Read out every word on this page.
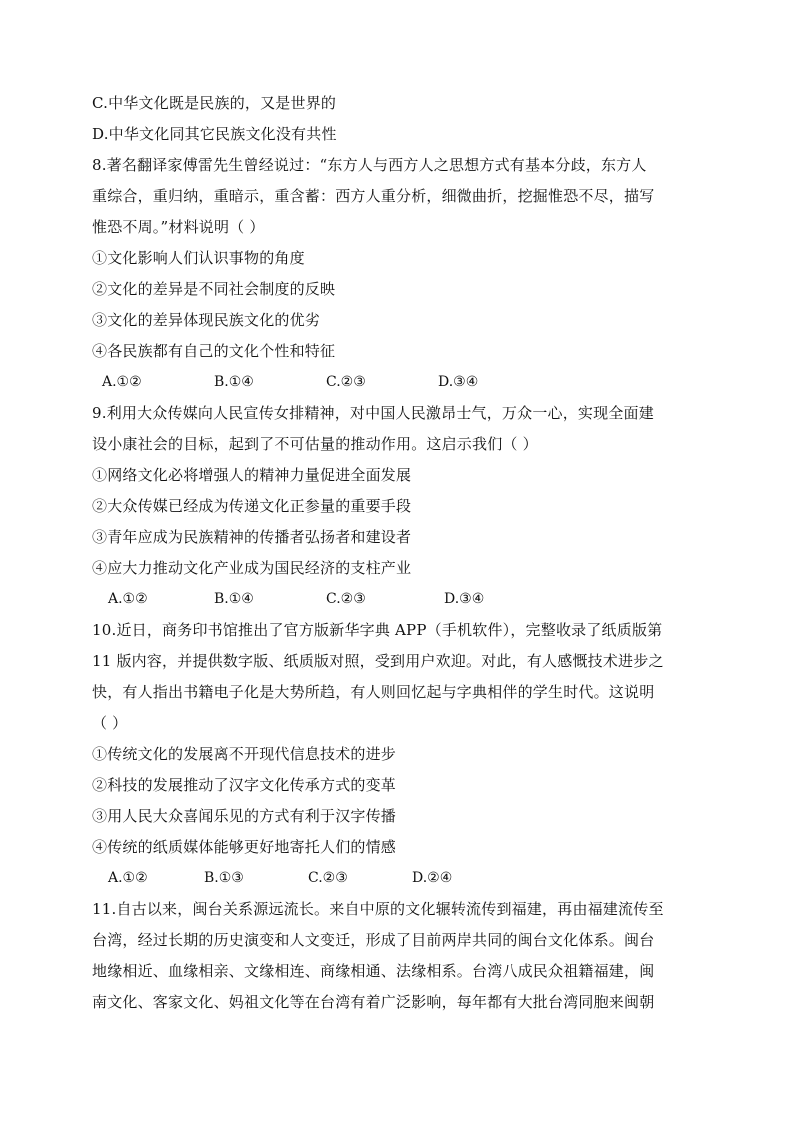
C.中华文化既是民族的，又是世界的
D.中华文化同其它民族文化没有共性
8.著名翻译家傅雷先生曾经说过：“东方人与西方人之思想方式有基本分歧，东方人
重综合，重归纳，重暗示，重含蓄：西方人重分析，细微曲折，挖掘惟恐不尽，描写
惟恐不周。”材料说明（ ）
①文化影响人们认识事物的角度
②文化的差异是不同社会制度的反映
③文化的差异体现民族文化的优劣
④各民族都有自己的文化个性和特征
A.①②	B.①④	C.②③	D.③④
9.利用大众传媒向人民宣传女排精神，对中国人民激昂士气，万众一心，实现全面建
设小康社会的目标，起到了不可估量的推动作用。这启示我们（ ）
①网络文化必将增强人的精神力量促进全面发展
②大众传媒已经成为传递文化正参量的重要手段
③青年应成为民族精神的传播者弘扬者和建设者
④应大力推动文化产业成为国民经济的支柱产业
A.①②	B.①④	C.②③	D.③④
10.近日，商务印书馆推出了官方版新华字典 APP（手机软件），完整收录了纸质版第
11 版内容，并提供数字版、纸质版对照，受到用户欢迎。对此，有人感慨技术进步之
快，有人指出书籍电子化是大势所趋，有人则回忆起与字典相伴的学生时代。这说明
（ ）
①传统文化的发展离不开现代信息技术的进步
②科技的发展推动了汉字文化传承方式的变革
③用人民大众喜闻乐见的方式有利于汉字传播
④传统的纸质媒体能够更好地寄托人们的情感
A.①②	B.①③	C.②③	D.②④
11.自古以来，闽台关系源远流长。来自中原的文化辗转流传到福建，再由福建流传至
台湾，经过长期的历史演变和人文变迁，形成了目前两岸共同的闽台文化体系。闽台
地缘相近、血缘相亲、文缘相连、商缘相通、法缘相系。台湾八成民众祖籍福建，闽
南文化、客家文化、妈祖文化等在台湾有着广泛影响，每年都有大批台湾同胞来闽朝
